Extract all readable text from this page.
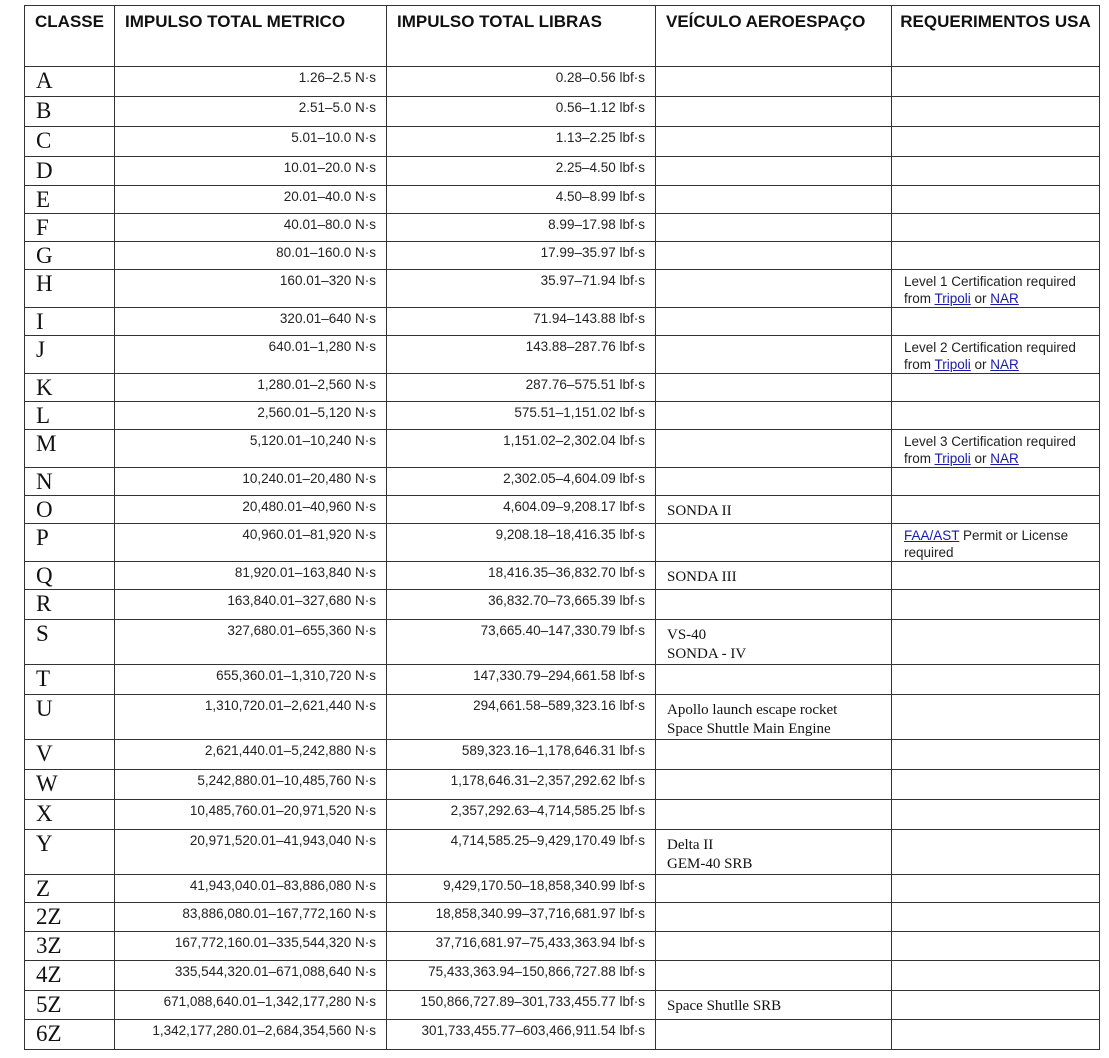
CLASSE	IMPULSO TOTAL METRICO	IMPULSO TOTAL LIBRAS	VEÍCULO AEROESPAÇO	REQUERIMENTOS USA
A	1.26–2.5 N·s	0.28–0.56 lbf·s		
B	2.51–5.0 N·s	0.56–1.12 lbf·s		
C	5.01–10.0 N·s	1.13–2.25 lbf·s		
D	10.01–20.0 N·s	2.25–4.50 lbf·s		
E	20.01–40.0 N·s	4.50–8.99 lbf·s		
F	40.01–80.0 N·s	8.99–17.98 lbf·s		
G	80.01–160.0 N·s	17.99–35.97 lbf·s		
H	160.01–320 N·s	35.97–71.94 lbf·s		Level 1 Certification required from Tripoli or NAR
I	320.01–640 N·s	71.94–143.88 lbf·s		
J	640.01–1,280 N·s	143.88–287.76 lbf·s		Level 2 Certification required from Tripoli or NAR
K	1,280.01–2,560 N·s	287.76–575.51 lbf·s		
L	2,560.01–5,120 N·s	575.51–1,151.02 lbf·s		
M	5,120.01–10,240 N·s	1,151.02–2,302.04 lbf·s		Level 3 Certification required from Tripoli or NAR
N	10,240.01–20,480 N·s	2,302.05–4,604.09 lbf·s		
O	20,480.01–40,960 N·s	4,604.09–9,208.17 lbf·s	SONDA II	
P	40,960.01–81,920 N·s	9,208.18–18,416.35 lbf·s		FAA/AST Permit or License required
Q	81,920.01–163,840 N·s	18,416.35–36,832.70 lbf·s	SONDA III	
R	163,840.01–327,680 N·s	36,832.70–73,665.39 lbf·s		
S	327,680.01–655,360 N·s	73,665.40–147,330.79 lbf·s	VS-40
SONDA - IV	
T	655,360.01–1,310,720 N·s	147,330.79–294,661.58 lbf·s		
U	1,310,720.01–2,621,440 N·s	294,661.58–589,323.16 lbf·s	Apollo launch escape rocket
Space Shuttle Main Engine	
V	2,621,440.01–5,242,880 N·s	589,323.16–1,178,646.31 lbf·s		
W	5,242,880.01–10,485,760 N·s	1,178,646.31–2,357,292.62 lbf·s		
X	10,485,760.01–20,971,520 N·s	2,357,292.63–4,714,585.25 lbf·s		
Y	20,971,520.01–41,943,040 N·s	4,714,585.25–9,429,170.49 lbf·s	Delta II
GEM-40 SRB	
Z	41,943,040.01–83,886,080 N·s	9,429,170.50–18,858,340.99 lbf·s		
2Z	83,886,080.01–167,772,160 N·s	18,858,340.99–37,716,681.97 lbf·s		
3Z	167,772,160.01–335,544,320 N·s	37,716,681.97–75,433,363.94 lbf·s		
4Z	335,544,320.01–671,088,640 N·s	75,433,363.94–150,866,727.88 lbf·s		
5Z	671,088,640.01–1,342,177,280 N·s	150,866,727.89–301,733,455.77 lbf·s	Space Shutlle SRB	
6Z	1,342,177,280.01–2,684,354,560 N·s	301,733,455.77–603,466,911.54 lbf·s		
